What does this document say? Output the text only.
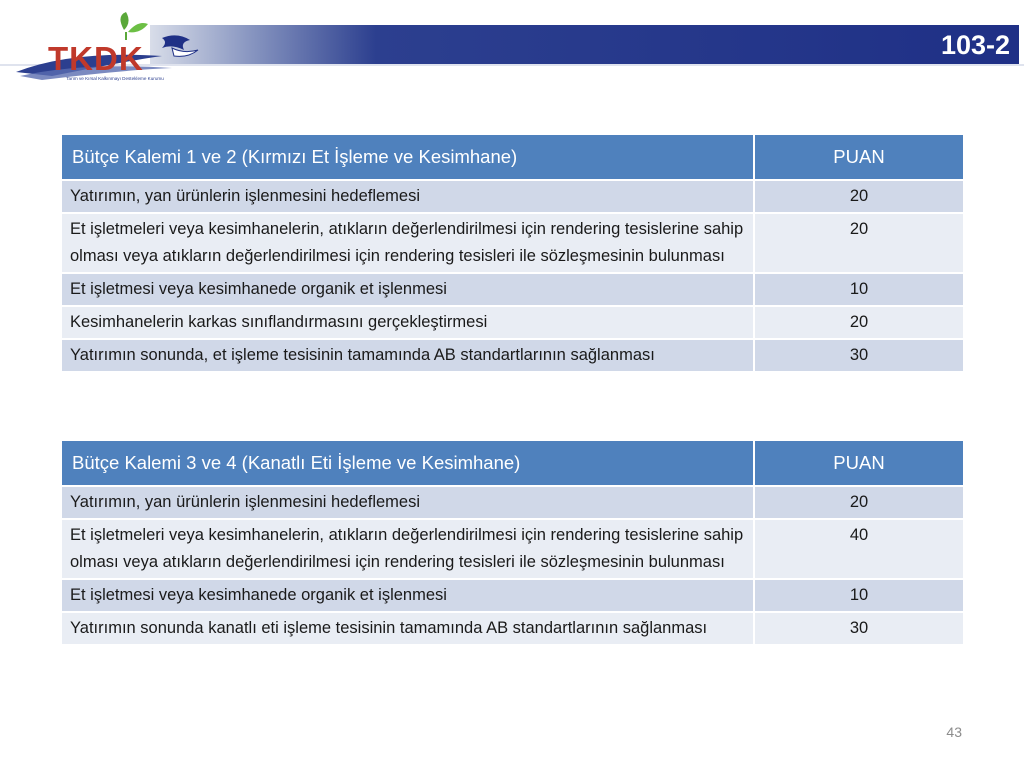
103-2
TKDK
Tarım ve Kırsal Kalkınmayı Destekleme Kurumu
Bütçe Kalemi 1 ve 2 (Kırmızı Et İşleme ve Kesimhane)	PUAN
Yatırımın, yan ürünlerin işlenmesini hedeflemesi	20
Et işletmeleri veya kesimhanelerin, atıkların değerlendirilmesi için rendering tesislerine sahip olması veya atıkların değerlendirilmesi için rendering tesisleri ile sözleşmesinin bulunması	20
Et işletmesi veya kesimhanede organik et işlenmesi	10
Kesimhanelerin karkas sınıflandırmasını gerçekleştirmesi	20
Yatırımın sonunda, et işleme tesisinin tamamında AB standartlarının sağlanması	30
Bütçe Kalemi 3 ve 4 (Kanatlı Eti İşleme ve Kesimhane)	PUAN
Yatırımın, yan ürünlerin işlenmesini hedeflemesi	20
Et işletmeleri veya kesimhanelerin, atıkların değerlendirilmesi için rendering tesislerine sahip olması veya atıkların değerlendirilmesi için rendering tesisleri ile sözleşmesinin bulunması	40
Et işletmesi veya kesimhanede organik et işlenmesi	10
Yatırımın sonunda kanatlı eti işleme tesisinin tamamında AB standartlarının sağlanması	30
43
